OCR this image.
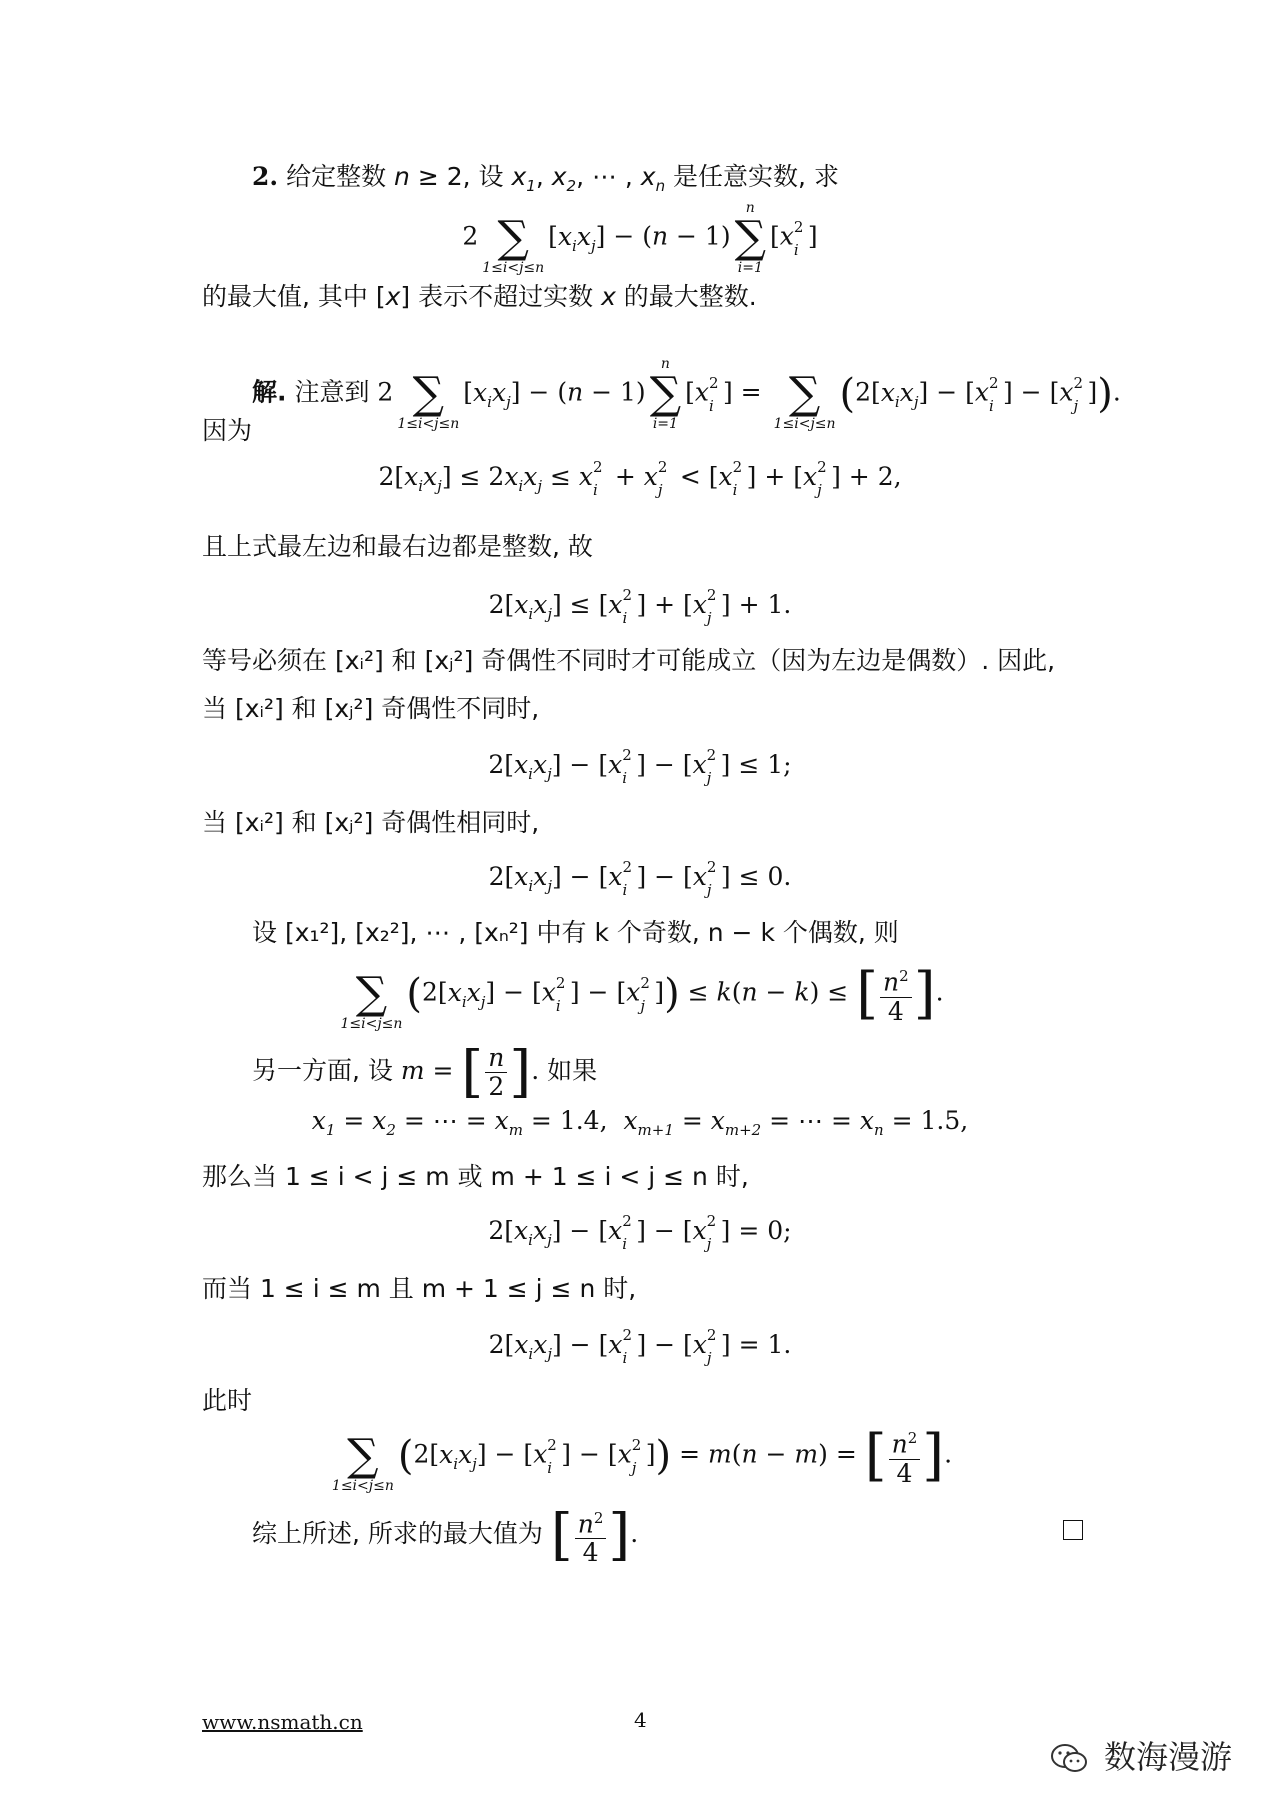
2. 给定整数 n ≥ 2, 设 $x_1$, $x_2$, ⋯ , $x_n$ 是任意实数, 求
2
∑
1≤i<j≤n
$[x_ix_j] - (n - 1)$
n
∑
i=1
[x 2
i ]
的最大值, 其中 [x] 表示不超过实数 x 的最大整数.
解. 注意到 2
∑
1≤i<j≤n
$[x_ix_j] - (n - 1)$
n
∑
i=1
[x 2
i ] =
∑
1≤i<j≤n
($2[x_ix_j] - [x$ 2
i ] − [x 2
j ]).
因为
$2[x_ix_j] \le 2x_ix_j \le x$ 2
i + x 2
j < [x 2
i ] + [x 2
j ] + 2,
且上式最左边和最右边都是整数, 故
$2[x_ix_j] \le [x$ 2
i ] + [x 2
j ] + 1.
等号必须在 [xᵢ²] 和 [xⱼ²] 奇偶性不同时才可能成立（因为左边是偶数）. 因此,
当 [xᵢ²] 和 [xⱼ²] 奇偶性不同时,
$2[x_ix_j] - [x$ 2
i ] − [x 2
j ] ≤ 1;
当 [xᵢ²] 和 [xⱼ²] 奇偶性相同时,
$2[x_ix_j] - [x$ 2
i ] − [x 2
j ] ≤ 0.
设 [x₁²], [x₂²], ⋯ , [xₙ²] 中有 k 个奇数, n − k 个偶数, 则

∑
1≤i<j≤n
($2[x_ix_j] - [x$ 2
i ] − [x 2
j ]) ≤ k(n − k) ≤ [ $\frac{n^2}{4}$ ].
另一方面, 设 m = [ $\frac{n}{2}$ ]. 如果
$x_1 = x_2$ = ⋯ = $x_m = 1.4$,  $x_{m+1} = x_{m+2}$ = ⋯ = $x_n = 1.5$,
那么当 1 ≤ i < j ≤ m 或 m + 1 ≤ i < j ≤ n 时,
$2[x_ix_j] - [x$ 2
i ] − [x 2
j ] = 0;
而当 1 ≤ i ≤ m 且 m + 1 ≤ j ≤ n 时,
$2[x_ix_j] - [x$ 2
i ] − [x 2
j ] = 1.
此时

∑
1≤i<j≤n
($2[x_ix_j] - [x$ 2
i ] − [x 2
j ]) = m(n − m) = [ $\frac{n^2}{4}$ ].
综上所述, 所求的最大值为 [ $\frac{n^2}{4}$ ].
www.nsmath.cn	4
数海漫游
